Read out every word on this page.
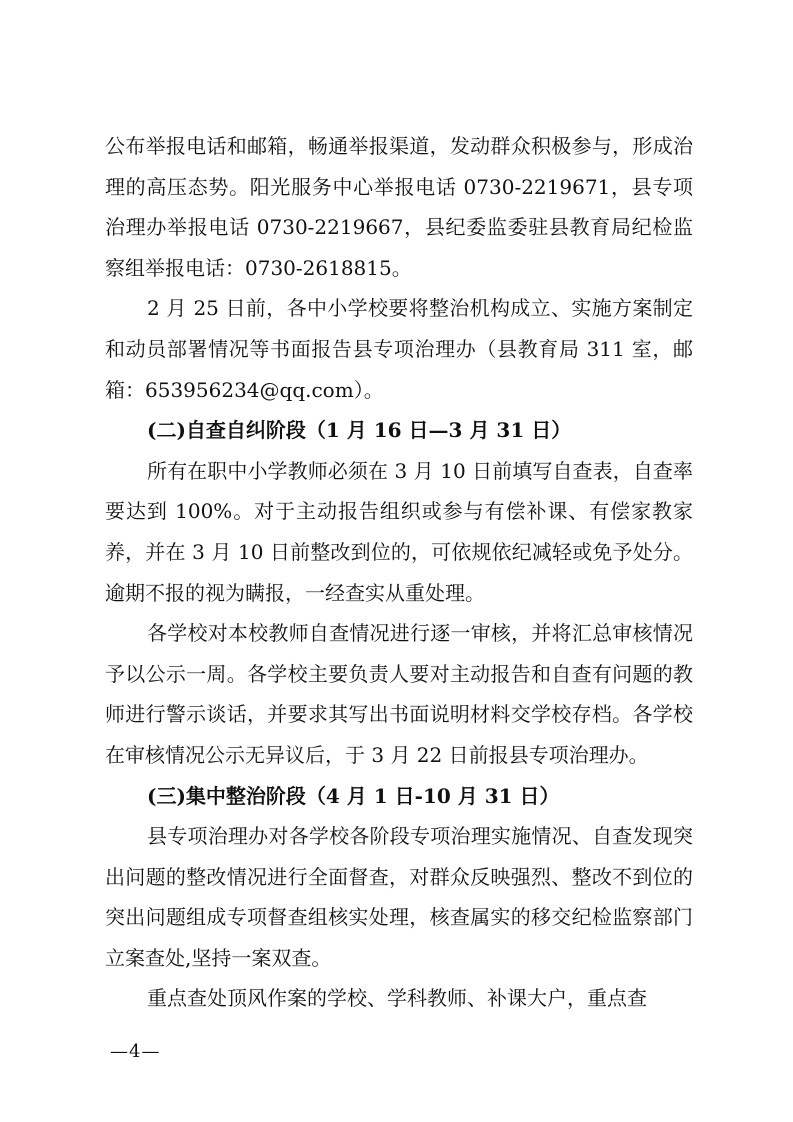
公布举报电话和邮箱，畅通举报渠道，发动群众积极参与，形成治理的高压态势。阳光服务中心举报电话 0730-2219671，县专项治理办举报电话 0730-2219667，县纪委监委驻县教育局纪检监察组举报电话：0730-2618815。

2 月 25 日前，各中小学校要将整治机构成立、实施方案制定和动员部署情况等书面报告县专项治理办（县教育局 311 室，邮箱：653956234@qq.com）。

(二)自查自纠阶段（1 月 16 日—3 月 31 日）

所有在职中小学教师必须在 3 月 10 日前填写自查表，自查率要达到 100%。对于主动报告组织或参与有偿补课、有偿家教家养，并在 3 月 10 日前整改到位的，可依规依纪减轻或免予处分。逾期不报的视为瞒报，一经查实从重处理。

各学校对本校教师自查情况进行逐一审核，并将汇总审核情况予以公示一周。各学校主要负责人要对主动报告和自查有问题的教师进行警示谈话，并要求其写出书面说明材料交学校存档。各学校在审核情况公示无异议后，于 3 月 22 日前报县专项治理办。

(三)集中整治阶段（4 月 1 日-10 月 31 日）

县专项治理办对各学校各阶段专项治理实施情况、自查发现突出问题的整改情况进行全面督查，对群众反映强烈、整改不到位的突出问题组成专项督查组核实处理，核查属实的移交纪检监察部门立案查处,坚持一案双查。

重点查处顶风作案的学校、学科教师、补课大户，重点查

—4—
